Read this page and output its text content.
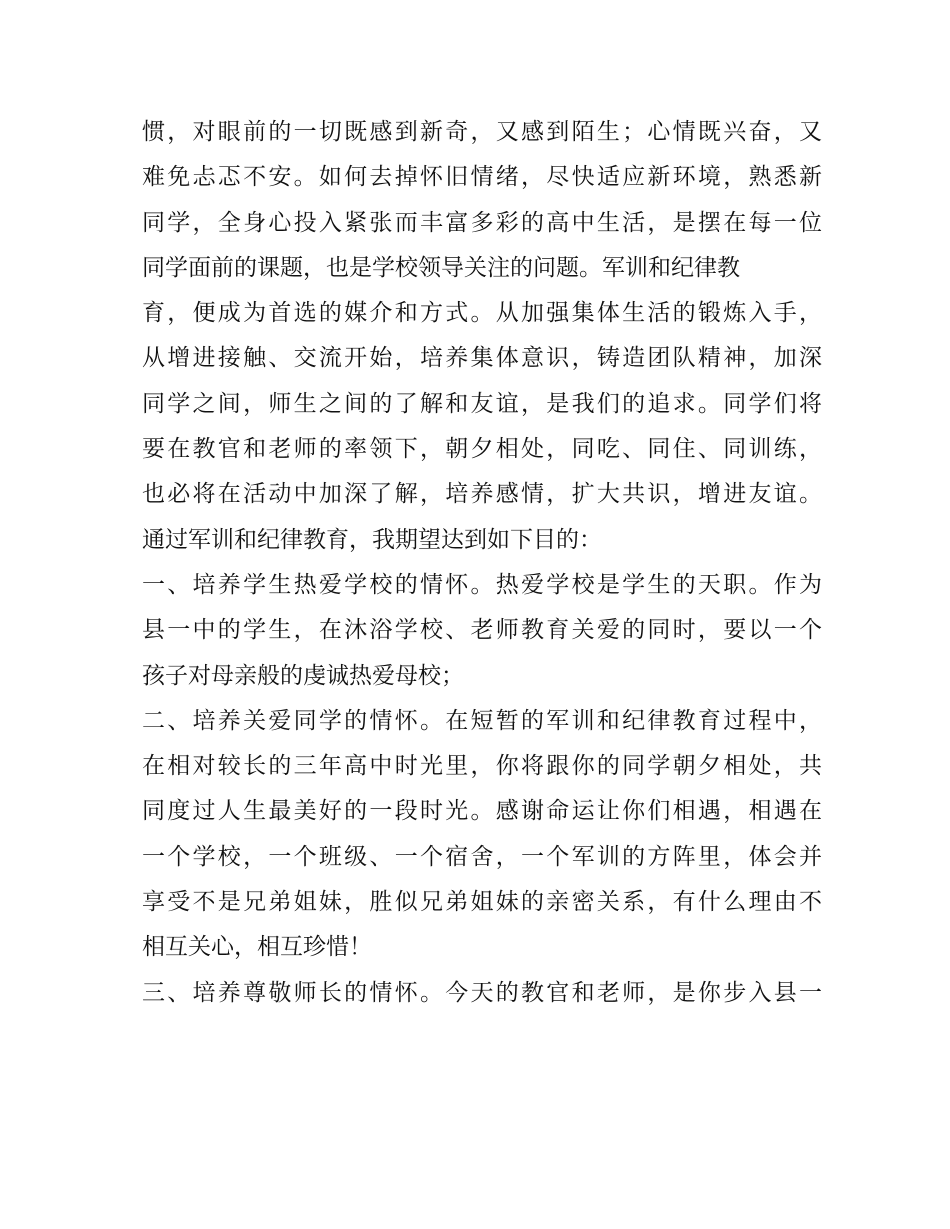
惯，对眼前的一切既感到新奇，又感到陌生；心情既兴奋，又
难免忐忑不安。如何去掉怀旧情绪，尽快适应新环境，熟悉新
同学，全身心投入紧张而丰富多彩的高中生活，是摆在每一位
同学面前的课题，也是学校领导关注的问题。军训和纪律教
育，便成为首选的媒介和方式。从加强集体生活的锻炼入手，
从增进接触、交流开始，培养集体意识，铸造团队精神，加深
同学之间，师生之间的了解和友谊，是我们的追求。同学们将
要在教官和老师的率领下，朝夕相处，同吃、同住、同训练，
也必将在活动中加深了解，培养感情，扩大共识，增进友谊。
通过军训和纪律教育，我期望达到如下目的：
一、培养学生热爱学校的情怀。热爱学校是学生的天职。作为
县一中的学生，在沐浴学校、老师教育关爱的同时，要以一个
孩子对母亲般的虔诚热爱母校；
二、培养关爱同学的情怀。在短暂的军训和纪律教育过程中，
在相对较长的三年高中时光里，你将跟你的同学朝夕相处，共
同度过人生最美好的一段时光。感谢命运让你们相遇，相遇在
一个学校，一个班级、一个宿舍，一个军训的方阵里，体会并
享受不是兄弟姐妹，胜似兄弟姐妹的亲密关系，有什么理由不
相互关心，相互珍惜！
三、培养尊敬师长的情怀。今天的教官和老师，是你步入县一
